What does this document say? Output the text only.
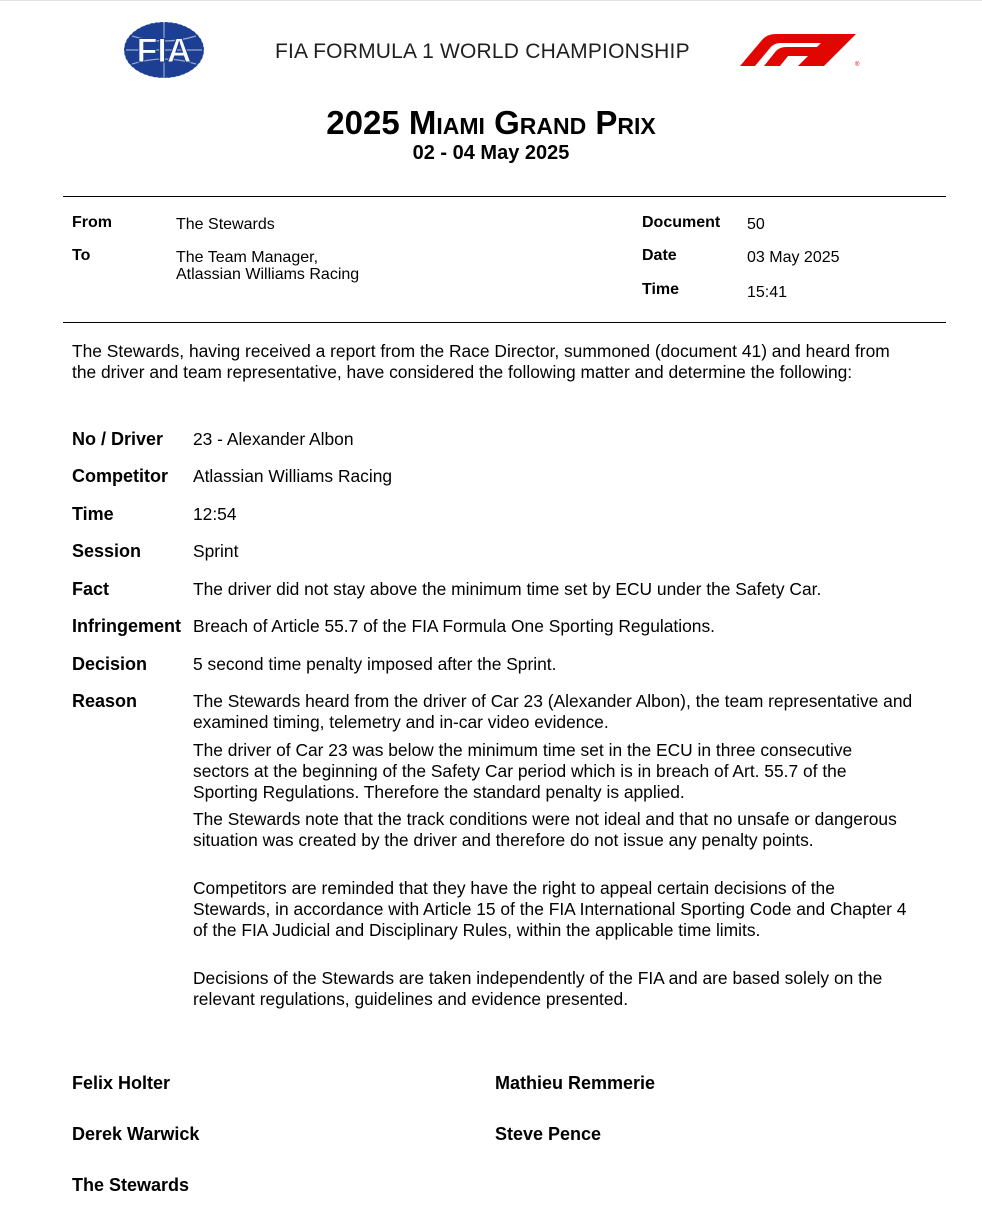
FIA	FIA FORMULA 1 WORLD CHAMPIONSHIP
®
2025 Miami Grand Prix
02 - 04 May 2025
From	The Stewards
To	The Team Manager,
Atlassian Williams Racing
Document 50
Date	03 May 2025
Time	15:41
The Stewards, having received a report from the Race Director, summoned (document 41) and heard from the driver and team representative, have considered the following matter and determine the following:
No / Driver 23 - Alexander Albon
Competitor Atlassian Williams Racing
Time	12:54
Session	Sprint
Fact	The driver did not stay above the minimum time set by ECU under the Safety Car.
Infringement Breach of Article 55.7 of the FIA Formula One Sporting Regulations.
Decision	5 second time penalty imposed after the Sprint.
Reason	The Stewards heard from the driver of Car 23 (Alexander Albon), the team representative and examined timing, telemetry and in-car video evidence.
The driver of Car 23 was below the minimum time set in the ECU in three consecutive sectors at the beginning of the Safety Car period which is in breach of Art. 55.7 of the Sporting Regulations. Therefore the standard penalty is applied.
The Stewards note that the track conditions were not ideal and that no unsafe or dangerous situation was created by the driver and therefore do not issue any penalty points.
Competitors are reminded that they have the right to appeal certain decisions of the Stewards, in accordance with Article 15 of the FIA International Sporting Code and Chapter 4 of the FIA Judicial and Disciplinary Rules, within the applicable time limits.
Decisions of the Stewards are taken independently of the FIA and are based solely on the relevant regulations, guidelines and evidence presented.
Felix Holter	Mathieu Remmerie
Derek Warwick	Steve Pence
The Stewards
